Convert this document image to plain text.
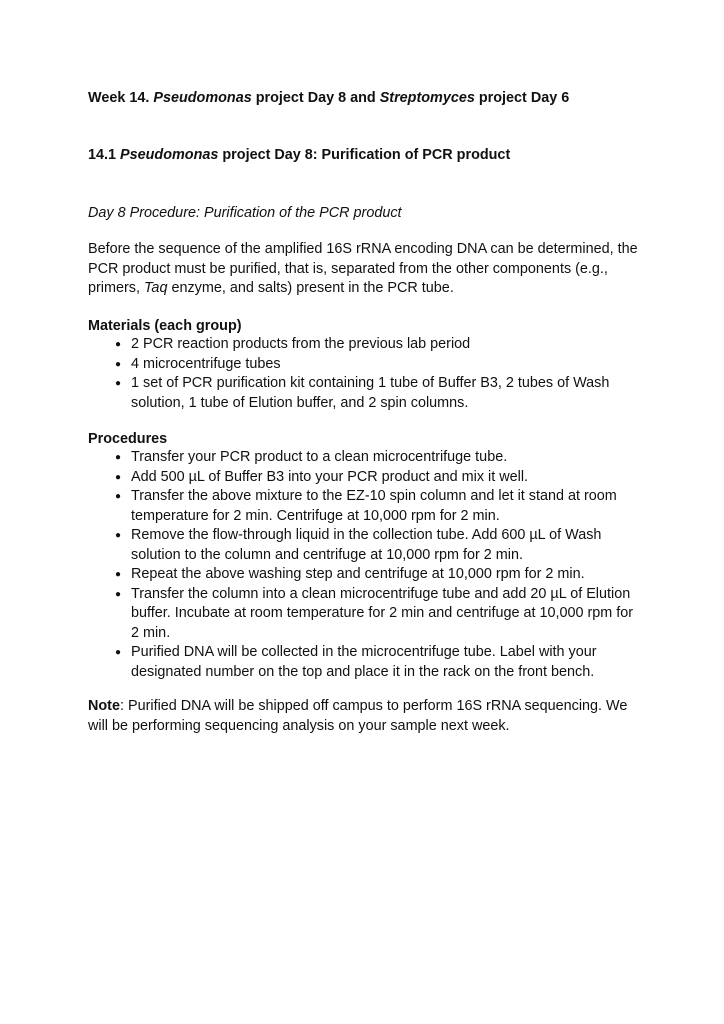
Week 14. Pseudomonas project Day 8 and Streptomyces project Day 6

14.1 Pseudomonas project Day 8: Purification of PCR product

Day 8 Procedure: Purification of the PCR product

Before the sequence of the amplified 16S rRNA encoding DNA can be determined, the PCR product must be purified, that is, separated from the other components (e.g., primers, Taq enzyme, and salts) present in the PCR tube.

Materials (each group)

● 2 PCR reaction products from the previous lab period
● 4 microcentrifuge tubes
● 1 set of PCR purification kit containing 1 tube of Buffer B3, 2 tubes of Wash solution, 1 tube of Elution buffer, and 2 spin columns.

Procedures

● Transfer your PCR product to a clean microcentrifuge tube.
● Add 500 µL of Buffer B3 into your PCR product and mix it well.
● Transfer the above mixture to the EZ-10 spin column and let it stand at room temperature for 2 min. Centrifuge at 10,000 rpm for 2 min.
● Remove the flow-through liquid in the collection tube. Add 600 µL of Wash solution to the column and centrifuge at 10,000 rpm for 2 min.
● Repeat the above washing step and centrifuge at 10,000 rpm for 2 min.
● Transfer the column into a clean microcentrifuge tube and add 20 µL of Elution buffer. Incubate at room temperature for 2 min and centrifuge at 10,000 rpm for 2 min.
● Purified DNA will be collected in the microcentrifuge tube. Label with your designated number on the top and place it in the rack on the front bench.

Note: Purified DNA will be shipped off campus to perform 16S rRNA sequencing. We will be performing sequencing analysis on your sample next week.
